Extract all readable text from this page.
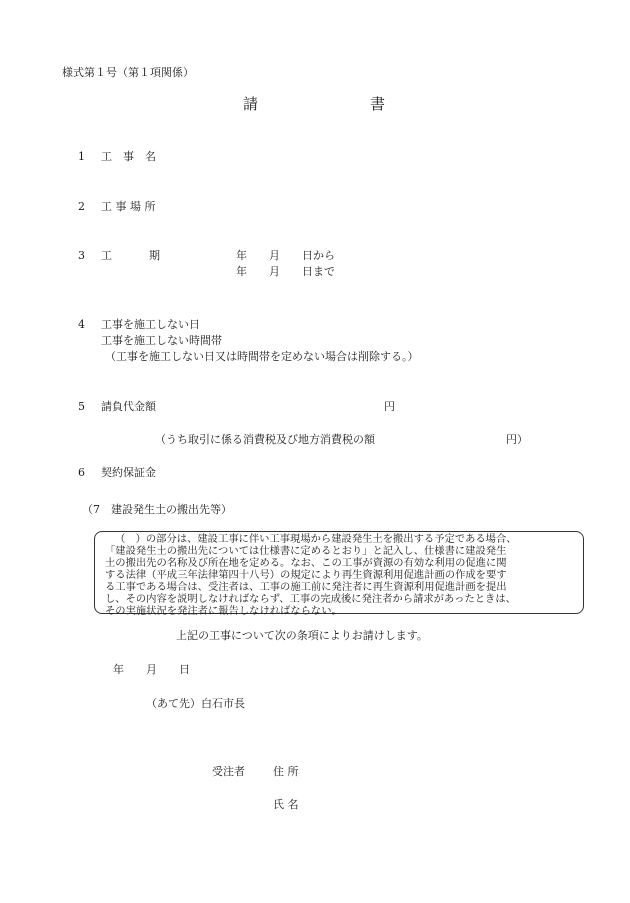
様式第１号（第１項関係）
請	書
1 工　事　名
2 工 事 場 所
3 工	期	年　　月　　日から
年　　月　　日まで
4 工事を施工しない日
工事を施工しない時間帯
（工事を施工しない日又は時間帯を定めない場合は削除する。）
5 請負代金額	円
（うち取引に係る消費税及び地方消費税の額	円）
6 契約保証金
（7　建設発生土の搬出先等）
（　）の部分は、建設工事に伴い工事現場から建設発生土を搬出する予定である場合、
「建設発生土の搬出先については仕様書に定めるとおり」と記入し、仕様書に建設発生
土の搬出先の名称及び所在地を定める。なお、この工事が資源の有効な利用の促進に関
する法律（平成三年法律第四十八号）の規定により再生資源利用促進計画の作成を要す
る工事である場合は、受注者は、工事の施工前に発注者に再生資源利用促進計画を提出
し、その内容を説明しなければならず、工事の完成後に発注者から請求があったときは、
その実施状況を発注者に報告しなければならない。
上記の工事について次の条項によりお請けします。
年　　月　　日
（あて先）白石市長
受注者	住 所
氏 名
